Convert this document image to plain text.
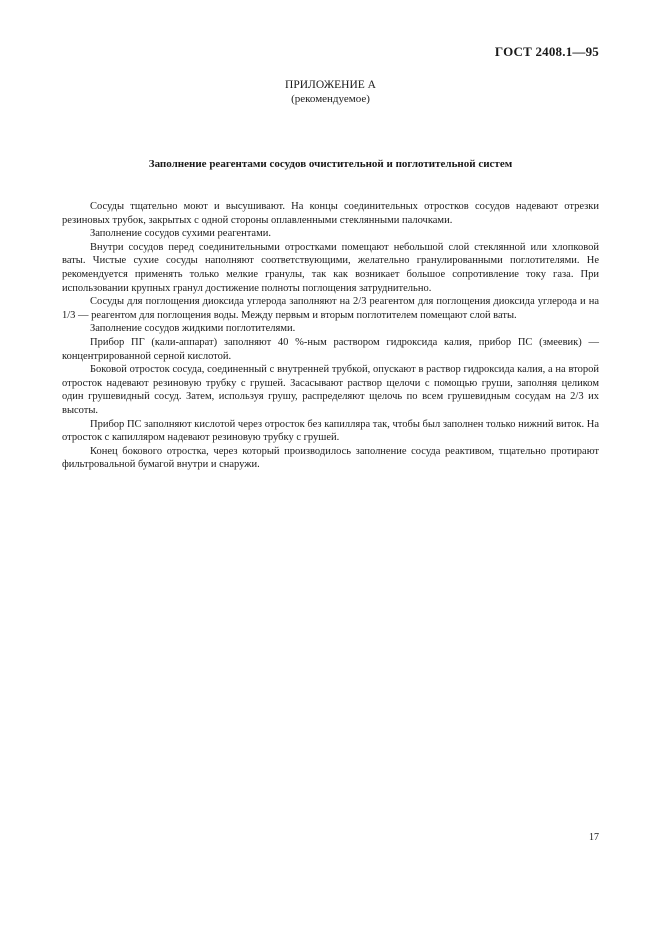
ГОСТ 2408.1—95
ПРИЛОЖЕНИЕ А
(рекомендуемое)
Заполнение реагентами сосудов очистительной и поглотительной систем

Сосуды тщательно моют и высушивают. На концы соединительных отростков сосудов надевают отрезки резиновых трубок, закрытых с одной стороны оплавленными стеклянными палочками.

Заполнение сосудов сухими реагентами.

Внутри сосудов перед соединительными отростками помещают небольшой слой стеклянной или хлопковой ваты. Чистые сухие сосуды наполняют соответствующими, желательно гранулированными поглотителями. Не рекомендуется применять только мелкие гранулы, так как возникает большое сопротивление току газа. При использовании крупных гранул достижение полноты поглощения затруднительно.

Сосуды для поглощения диоксида углерода заполняют на 2/3 реагентом для поглощения диоксида углерода и на 1/3 — реагентом для поглощения воды. Между первым и вторым поглотителем помещают слой ваты.

Заполнение сосудов жидкими поглотителями.

Прибор ПГ (кали-аппарат) заполняют 40 %-ным раствором гидроксида калия, прибор ПС (змеевик) — концентрированной серной кислотой.

Боковой отросток сосуда, соединенный с внутренней трубкой, опускают в раствор гидроксида калия, а на второй отросток надевают резиновую трубку с грушей. Засасывают раствор щелочи с помощью груши, заполняя целиком один грушевидный сосуд. Затем, используя грушу, распределяют щелочь по всем грушевидным сосудам на 2/3 их высоты.

Прибор ПС заполняют кислотой через отросток без капилляра так, чтобы был заполнен только нижний виток. На отросток с капилляром надевают резиновую трубку с грушей.

Конец бокового отростка, через который производилось заполнение сосуда реактивом, тщательно протирают фильтровальной бумагой внутри и снаружи.

17
